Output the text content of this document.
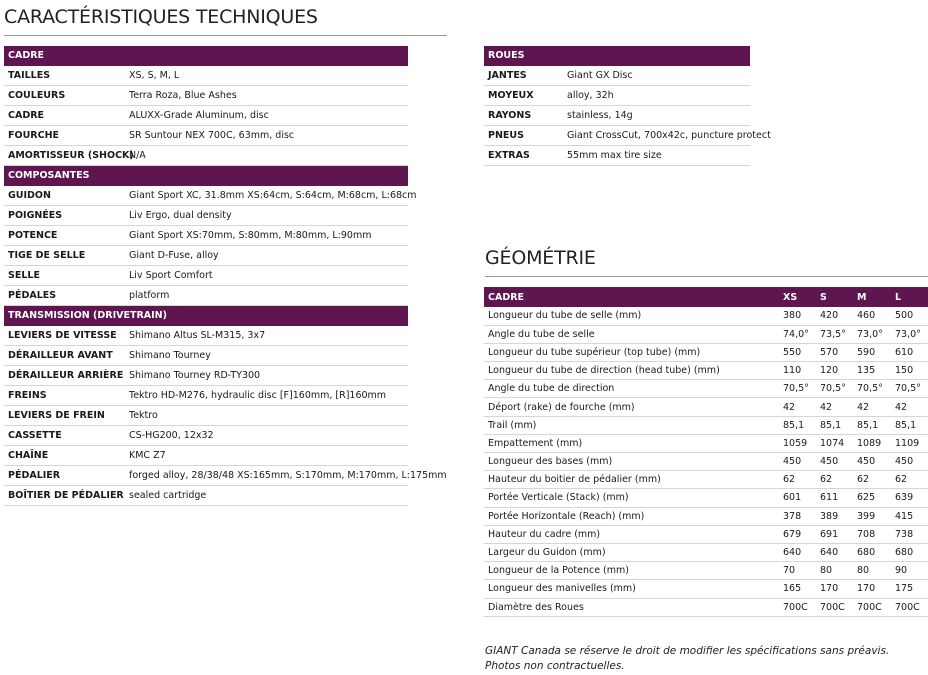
CARACTÉRISTIQUES TECHNIQUES
CADRE	
TAILLES	XS, S, M, L
COULEURS	Terra Roza, Blue Ashes
CADRE	ALUXX-Grade Aluminum, disc
FOURCHE	SR Suntour NEX 700C, 63mm, disc
AMORTISSEUR (SHOCK)	N/A
COMPOSANTES	
GUIDON	Giant Sport XC, 31.8mm XS:64cm, S:64cm, M:68cm, L:68cm
POIGNÉES	Liv Ergo, dual density
POTENCE	Giant Sport XS:70mm, S:80mm, M:80mm, L:90mm
TIGE DE SELLE	Giant D-Fuse, alloy
SELLE	Liv Sport Comfort
PÉDALES	platform
TRANSMISSION (DRIVETRAIN)	
LEVIERS DE VITESSE	Shimano Altus SL-M315, 3x7
DÉRAILLEUR AVANT	Shimano Tourney
DÉRAILLEUR ARRIÈRE	Shimano Tourney RD-TY300
FREINS	Tektro HD-M276, hydraulic disc [F]160mm, [R]160mm
LEVIERS DE FREIN	Tektro
CASSETTE	CS-HG200, 12x32
CHAÎNE	KMC Z7
PÉDALIER	forged alloy, 28/38/48 XS:165mm, S:170mm, M:170mm, L:175mm
BOÎTIER DE PÉDALIER	sealed cartridge
ROUES	
JANTES	Giant GX Disc
MOYEUX	alloy, 32h
RAYONS	stainless, 14g
PNEUS	Giant CrossCut, 700x42c, puncture protect
EXTRAS	55mm max tire size
GÉOMÉTRIE
CADRE	XS	S	M	L
Longueur du tube de selle (mm)	380	420	460	500
Angle du tube de selle	74,0°	73,5°	73,0°	73,0°
Longueur du tube supérieur (top tube) (mm)	550	570	590	610
Longueur du tube de direction (head tube) (mm)	110	120	135	150
Angle du tube de direction	70,5°	70,5°	70,5°	70,5°
Déport (rake) de fourche (mm)	42	42	42	42
Trail (mm)	85,1	85,1	85,1	85,1
Empattement (mm)	1059	1074	1089	1109
Longueur des bases (mm)	450	450	450	450
Hauteur du boitier de pédalier (mm)	62	62	62	62
Portée Verticale (Stack) (mm)	601	611	625	639
Portée Horizontale (Reach) (mm)	378	389	399	415
Hauteur du cadre (mm)	679	691	708	738
Largeur du Guidon (mm)	640	640	680	680
Longueur de la Potence (mm)	70	80	80	90
Longueur des manivelles (mm)	165	170	170	175
Diamètre des Roues	700C	700C	700C	700C
GIANT Canada se réserve le droit de modifier les spécifications sans préavis. Photos non contractuelles.
